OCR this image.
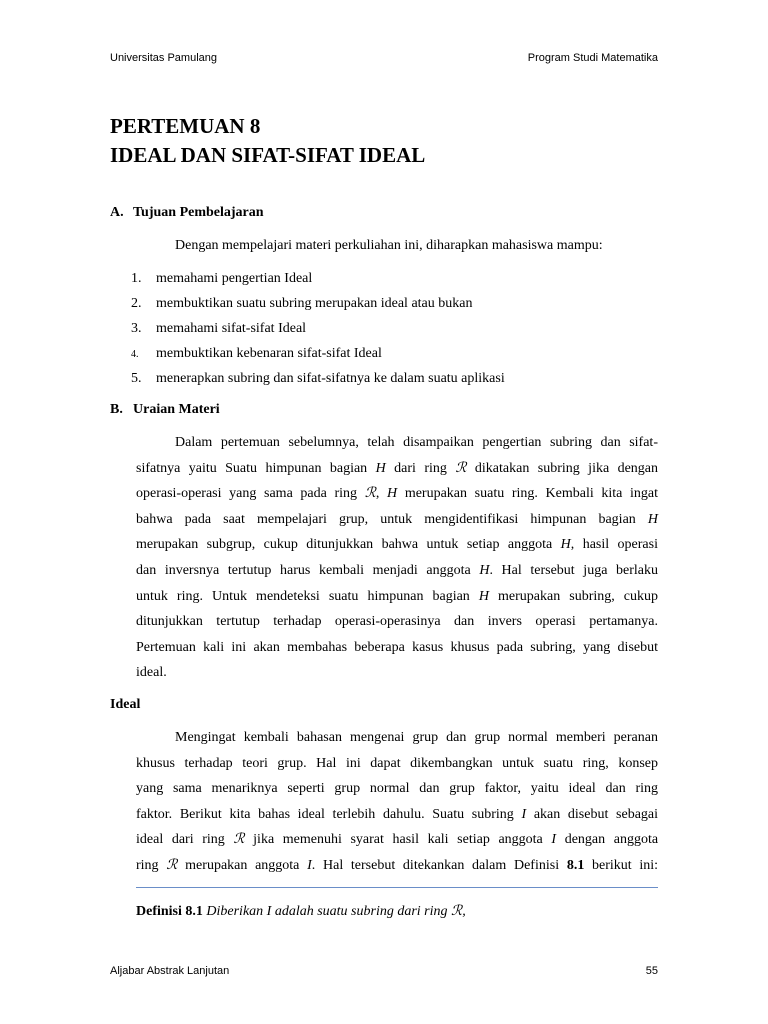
Universitas Pamulang	Program Studi Matematika
PERTEMUAN 8
IDEAL DAN SIFAT-SIFAT IDEAL
A. Tujuan Pembelajaran
Dengan mempelajari materi perkuliahan ini, diharapkan mahasiswa mampu:
1. memahami pengertian Ideal
2. membuktikan suatu subring merupakan ideal atau bukan
3. memahami sifat-sifat Ideal
4. membuktikan kebenaran sifat-sifat Ideal
5. menerapkan subring dan sifat-sifatnya ke dalam suatu aplikasi
B. Uraian Materi
Dalam pertemuan sebelumnya, telah disampaikan pengertian subring dan sifat-
sifatnya yaitu Suatu himpunan bagian H dari ring ℛ dikatakan subring jika dengan
operasi-operasi yang sama pada ring ℛ, H merupakan suatu ring. Kembali kita ingat
bahwa pada saat mempelajari grup, untuk mengidentifikasi himpunan bagian H
merupakan subgrup, cukup ditunjukkan bahwa untuk setiap anggota H, hasil operasi
dan inversnya tertutup harus kembali menjadi anggota H. Hal tersebut juga berlaku
untuk ring. Untuk mendeteksi suatu himpunan bagian H merupakan subring, cukup
ditunjukkan tertutup terhadap operasi-operasinya dan invers operasi pertamanya.
Pertemuan kali ini akan membahas beberapa kasus khusus pada subring, yang disebut
ideal.
Ideal
Mengingat kembali bahasan mengenai grup dan grup normal memberi peranan
khusus terhadap teori grup. Hal ini dapat dikembangkan untuk suatu ring, konsep
yang sama menariknya seperti grup normal dan grup faktor, yaitu ideal dan ring
faktor. Berikut kita bahas ideal terlebih dahulu. Suatu subring I akan disebut sebagai
ideal dari ring ℛ jika memenuhi syarat hasil kali setiap anggota I dengan anggota
ring ℛ merupakan anggota I. Hal tersebut ditekankan dalam Definisi 8.1 berikut ini:
Definisi 8.1 Diberikan I adalah suatu subring dari ring ℛ,
Aljabar Abstrak Lanjutan	55
